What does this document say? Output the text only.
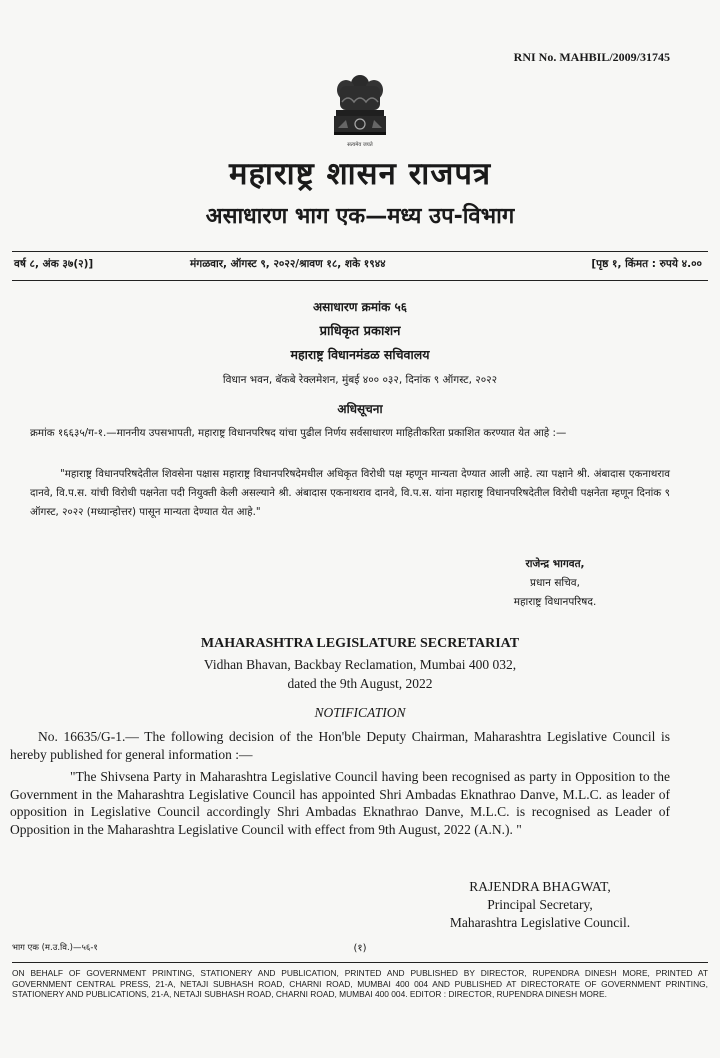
RNI No. MAHBIL/2009/31745
सत्यमेव जयते
महाराष्ट्र शासन राजपत्र
असाधारण भाग एक—मध्य उप-विभाग
वर्ष ८, अंक ३७(२)]	मंगळवार, ऑगस्ट ९, २०२२/श्रावण १८, शके १९४४	[पृष्ठ १, किंमत : रुपये ४.००
असाधारण क्रमांक ५६
प्राधिकृत प्रकाशन
महाराष्ट्र विधानमंडळ सचिवालय
विधान भवन, बॅकबे रेक्लमेशन, मुंबई ४०० ०३२, दिनांक ९ ऑगस्ट, २०२२
अधिसूचना
क्रमांक १६६३५/ग-१.—माननीय उपसभापती, महाराष्ट्र विधानपरिषद यांचा पुढील निर्णय सर्वसाधारण माहितीकरिता प्रकाशित करण्यात येत आहे :—
"महाराष्ट्र विधानपरिषदेतील शिवसेना पक्षास महाराष्ट्र विधानपरिषदेमधील अधिकृत विरोधी पक्ष म्हणून मान्यता देण्यात आली आहे. त्या पक्षाने श्री. अंबादास एकनाथराव दानवे, वि.प.स. यांची विरोधी पक्षनेता पदी नियुक्ती केली असल्याने श्री. अंबादास एकनाथराव दानवे, वि.प.स. यांना महाराष्ट्र विधानपरिषदेतील विरोधी पक्षनेता म्हणून दिनांक ९ ऑगस्ट, २०२२ (मध्यान्होत्तर) पासून मान्यता देण्यात येत आहे."
राजेन्द्र भागवत,
प्रधान सचिव,
महाराष्ट्र विधानपरिषद.
MAHARASHTRA LEGISLATURE SECRETARIAT
Vidhan Bhavan, Backbay Reclamation, Mumbai 400 032,
dated the 9th August, 2022
NOTIFICATION
No. 16635/G-1.— The following decision of the Hon'ble Deputy Chairman, Maharashtra Legislative Council is hereby published for general information :—
"The Shivsena Party in Maharashtra Legislative Council having been recognised as party in Opposition to the Government in the Maharashtra Legislative Council has appointed Shri Ambadas Eknathrao Danve, M.L.C. as leader of opposition in Legislative Council accordingly Shri Ambadas Eknathrao Danve, M.L.C. is recognised as Leader of Opposition in the Maharashtra Legislative Council with effect from 9th August, 2022 (A.N.). "
RAJENDRA BHAGWAT,
Principal Secretary,
Maharashtra Legislative Council.
भाग एक (म.उ.वि.)—५६-१	(१)
ON BEHALF OF GOVERNMENT PRINTING, STATIONERY AND PUBLICATION, PRINTED AND PUBLISHED BY DIRECTOR, RUPENDRA DINESH MORE, PRINTED AT GOVERNMENT CENTRAL PRESS, 21-A, NETAJI SUBHASH ROAD, CHARNI ROAD, MUMBAI 400 004 AND PUBLISHED AT DIRECTORATE OF GOVERNMENT PRINTING, STATIONERY AND PUBLICATIONS, 21-A, NETAJI SUBHASH ROAD, CHARNI ROAD, MUMBAI 400 004. EDITOR : DIRECTOR, RUPENDRA DINESH MORE.
